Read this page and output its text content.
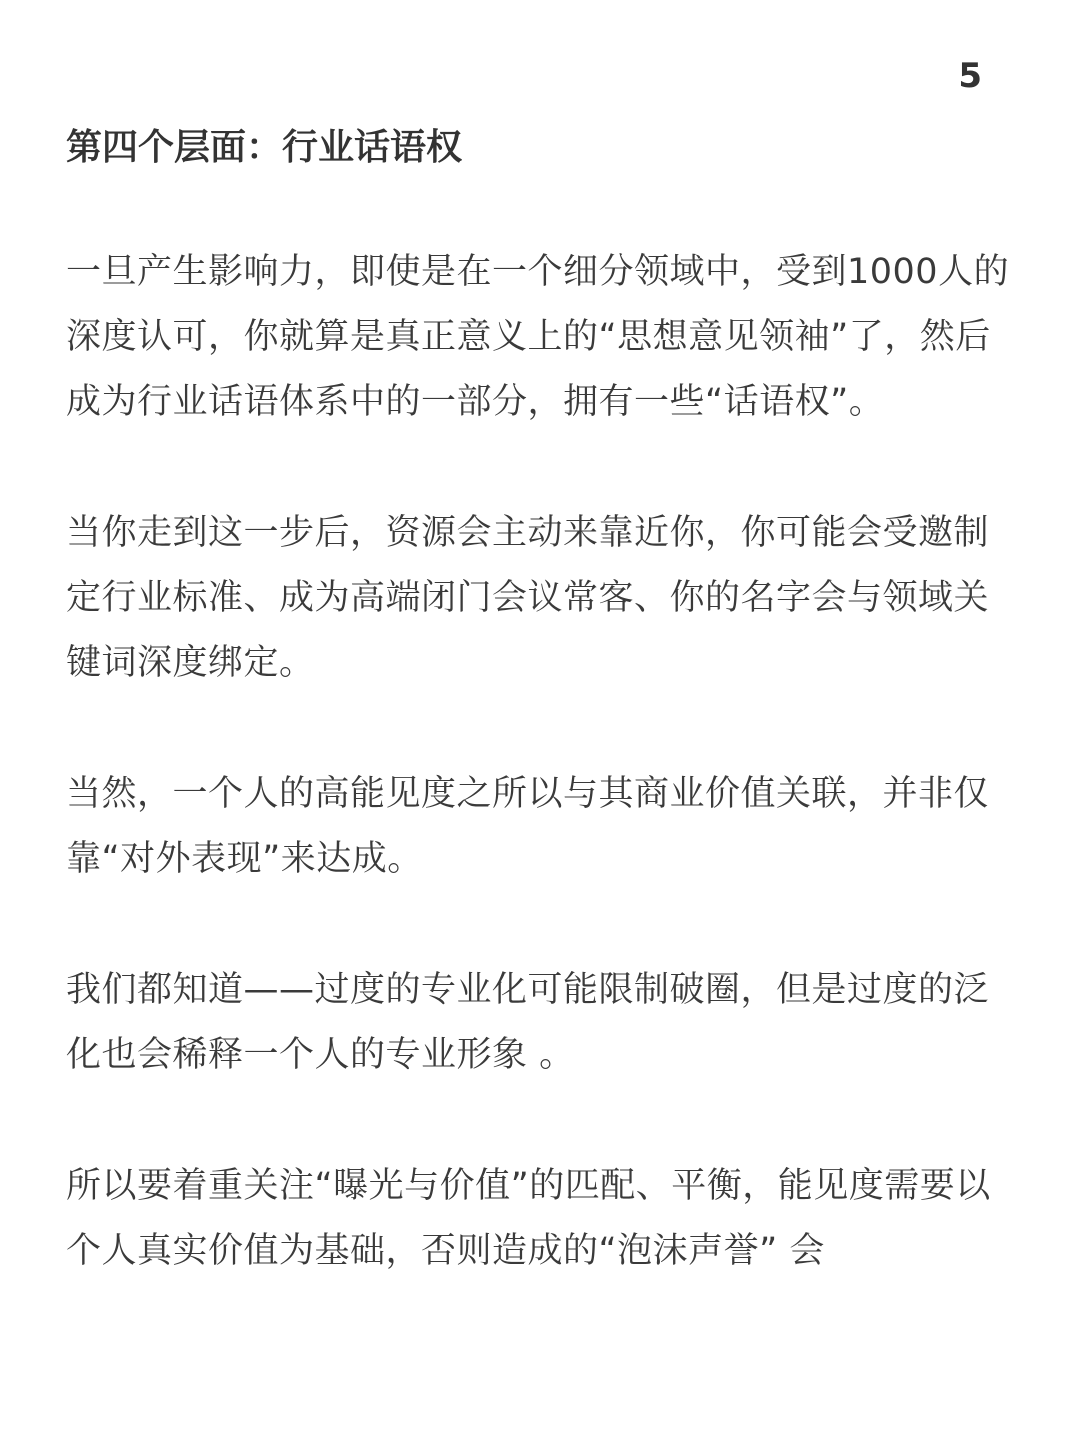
5
第四个层面：行业话语权

一旦产生影响力，即使是在一个细分领域中，受到1000人的深度认可，你就算是真正意义上的“思想意见领袖”了，然后成为行业话语体系中的一部分，拥有一些“话语权”。

当你走到这一步后，资源会主动来靠近你，你可能会受邀制定行业标准、成为高端闭门会议常客、你的名字会与领域关键词深度绑定。

当然，一个人的高能见度之所以与其商业价值关联，并非仅靠“对外表现”来达成。

我们都知道——过度的专业化可能限制破圈，但是过度的泛化也会稀释一个人的专业形象 。

所以要着重关注“曝光与价值”的匹配、平衡，能见度需要以个人真实价值为基础，否则造成的“泡沫声誉” 会
